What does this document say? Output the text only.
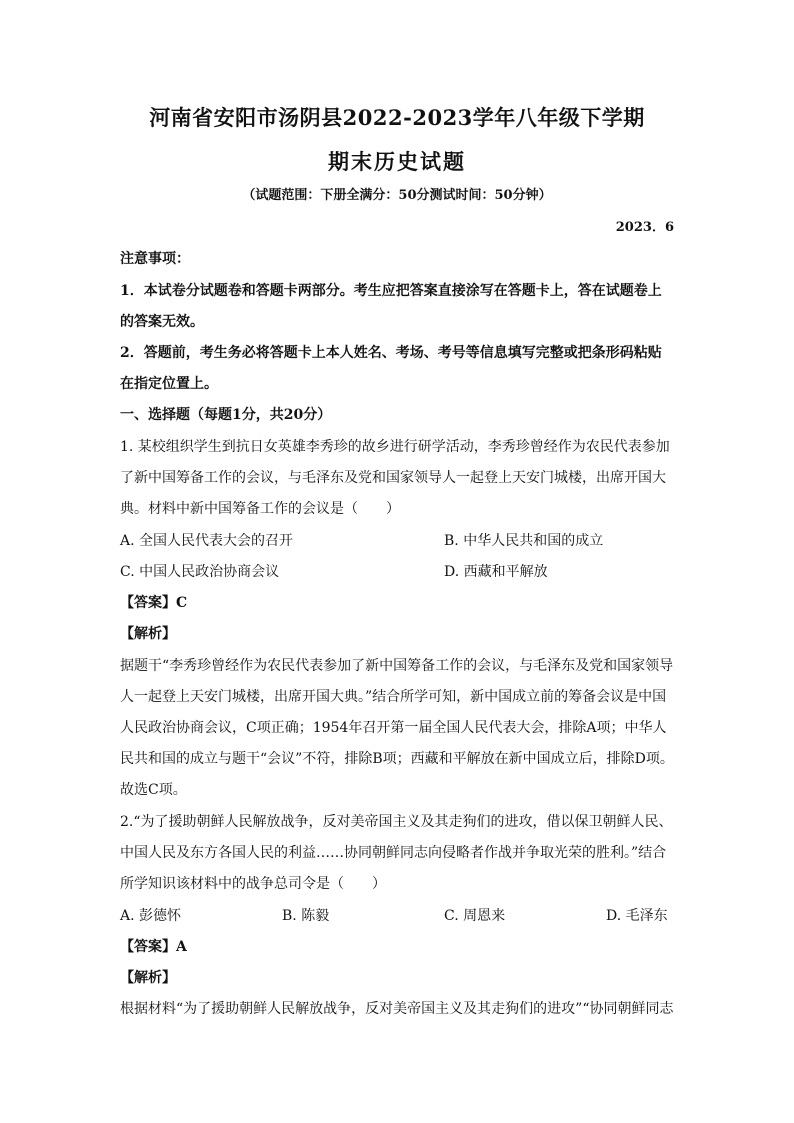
河南省安阳市汤阴县2022-2023学年八年级下学期
期末历史试题
（试题范围：下册全满分：50分测试时间：50分钟）
2023．6
注意事项：
1．本试卷分试题卷和答题卡两部分。考生应把答案直接涂写在答题卡上，答在试题卷上
的答案无效。
2．答题前，考生务必将答题卡上本人姓名、考场、考号等信息填写完整或把条形码粘贴
在指定位置上。
一、选择题（每题1分，共20分）
1. 某校组织学生到抗日女英雄李秀珍的故乡进行研学活动，李秀珍曾经作为农民代表参加
了新中国筹备工作的会议，与毛泽东及党和国家领导人一起登上天安门城楼，出席开国大
典。材料中新中国筹备工作的会议是（　　）
A. 全国人民代表大会的召开	B. 中华人民共和国的成立
C. 中国人民政治协商会议	D. 西藏和平解放
【答案】C
【解析】
据题干“李秀珍曾经作为农民代表参加了新中国筹备工作的会议，与毛泽东及党和国家领导
人一起登上天安门城楼，出席开国大典。”结合所学可知，新中国成立前的筹备会议是中国
人民政治协商会议，C项正确；1954年召开第一届全国人民代表大会，排除A项；中华人
民共和国的成立与题干“会议”不符，排除B项；西藏和平解放在新中国成立后，排除D项。
故选C项。
2.“为了援助朝鲜人民解放战争，反对美帝国主义及其走狗们的进攻，借以保卫朝鲜人民、
中国人民及东方各国人民的利益……协同朝鲜同志向侵略者作战并争取光荣的胜利。”结合
所学知识该材料中的战争总司令是（　　）
A. 彭德怀	B. 陈毅	C. 周恩来	D. 毛泽东
【答案】A
【解析】
根据材料“为了援助朝鲜人民解放战争，反对美帝国主义及其走狗们的进攻”“协同朝鲜同志
